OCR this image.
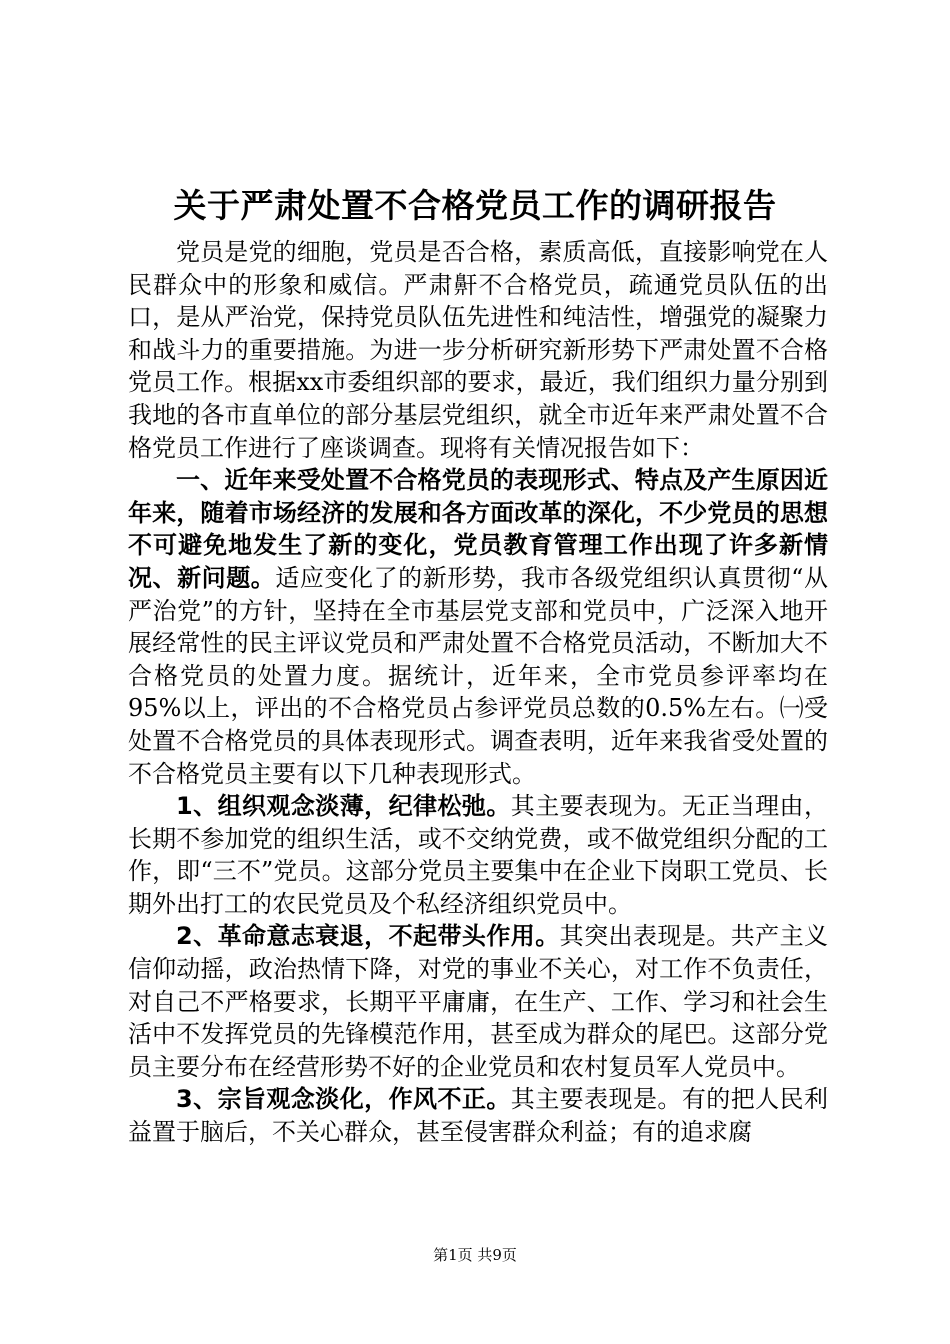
关于严肃处置不合格党员工作的调研报告

党员是党的细胞，党员是否合格，素质高低，直接影响党在人民群众中的形象和威信。严肃鼾不合格党员，疏通党员队伍的出口，是从严治党，保持党员队伍先进性和纯洁性，增强党的凝聚力和战斗力的重要措施。为进一步分析研究新形势下严肃处置不合格党员工作。根据xx市委组织部的要求，最近，我们组织力量分别到我地的各市直单位的部分基层党组织，就全市近年来严肃处置不合格党员工作进行了座谈调查。现将有关情况报告如下：

一、近年来受处置不合格党员的表现形式、特点及产生原因近年来，随着市场经济的发展和各方面改革的深化，不少党员的思想不可避免地发生了新的变化，党员教育管理工作出现了许多新情况、新问题。适应变化了的新形势，我市各级党组织认真贯彻“从严治党”的方针，坚持在全市基层党支部和党员中，广泛深入地开展经常性的民主评议党员和严肃处置不合格党员活动，不断加大不合格党员的处置力度。据统计，近年来，全市党员参评率均在95%以上，评出的不合格党员占参评党员总数的0.5%左右。㈠受处置不合格党员的具体表现形式。调查表明，近年来我省受处置的不合格党员主要有以下几种表现形式。

1、组织观念淡薄，纪律松弛。其主要表现为。无正当理由，长期不参加党的组织生活，或不交纳党费，或不做党组织分配的工作，即“三不”党员。这部分党员主要集中在企业下岗职工党员、长期外出打工的农民党员及个私经济组织党员中。

2、革命意志衰退，不起带头作用。其突出表现是。共产主义信仰动摇，政治热情下降，对党的事业不关心，对工作不负责任，对自己不严格要求，长期平平庸庸，在生产、工作、学习和社会生活中不发挥党员的先锋模范作用，甚至成为群众的尾巴。这部分党员主要分布在经营形势不好的企业党员和农村复员军人党员中。

3、宗旨观念淡化，作风不正。其主要表现是。有的把人民利益置于脑后，不关心群众，甚至侵害群众利益；有的追求腐

第1页 共9页
